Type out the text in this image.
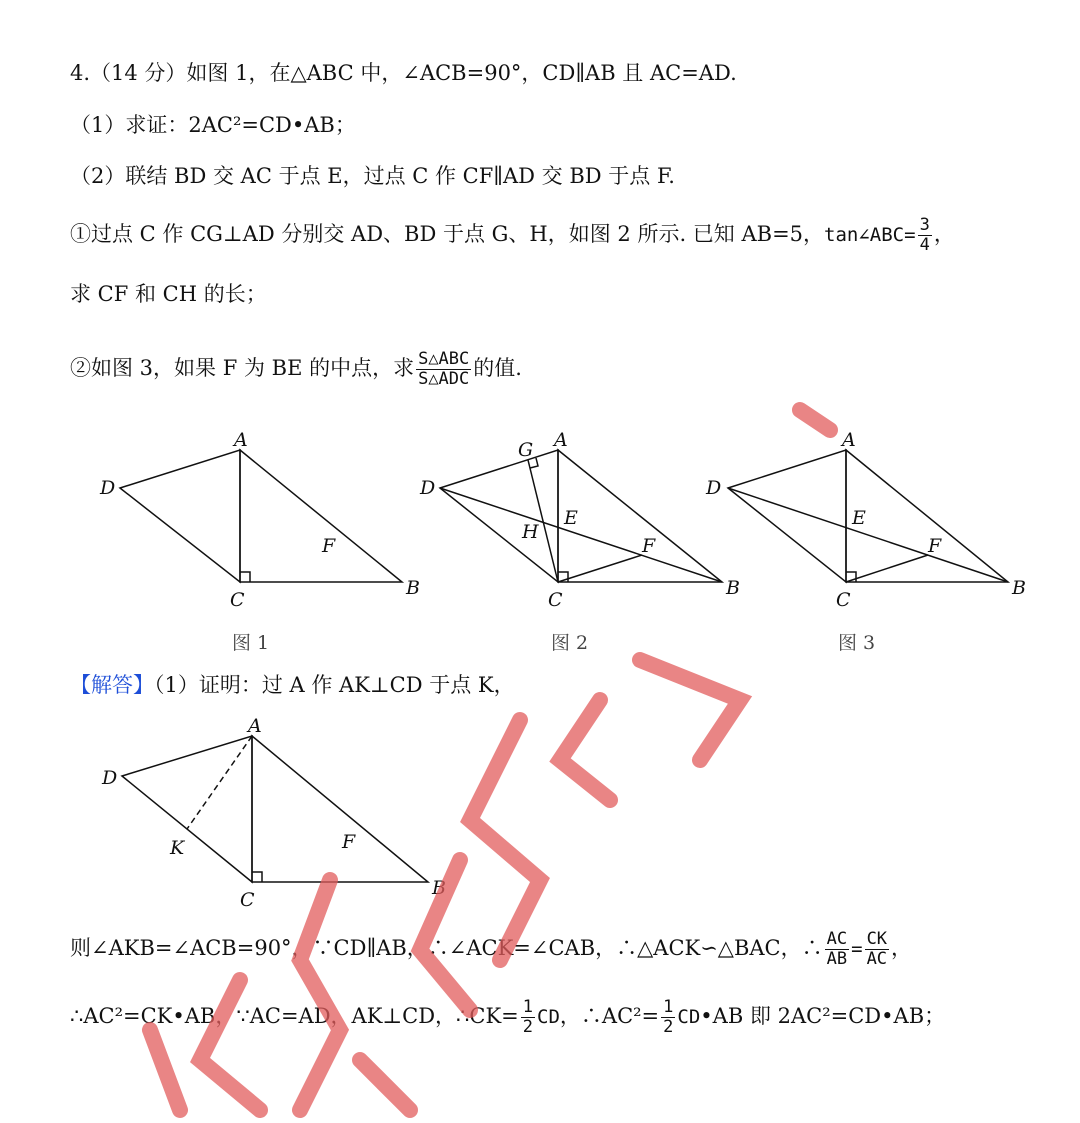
4.（14 分）如图 1，在△ABC 中，∠ACB=90°，CD∥AB 且 AC=AD.
（1）求证：2AC²=CD•AB；
（2）联结 BD 交 AC 于点 E，过点 C 作 CF∥AD 交 BD 于点 F.
①过点 C 作 CG⊥AD 分别交 AD、BD 于点 G、H，如图 2 所示. 已知 AB=5，tan∠ABC= $\frac{3}{4}$ ，
求 CF 和 CH 的长；
②如图 3，如果 F 为 BE 的中点，求 $\frac{\text{S△ABC}}{\text{S△ADC}}$ 的值.
A
D
C
B
F
图 1
A
G
D
E
H
F
C
B
图 2
A
D
E
F
C
B
图 3
【解答】（1）证明：过 A 作 AK⊥CD 于点 K，
A
D
K	F
C
B
则∠AKB=∠ACB=90°，∵CD∥AB，∴∠ACK=∠CAB，∴△ACK∽△BAC，∴ $\frac{AC}{AB} = \frac{CK}{AC}$ ，
∴AC²=CK•AB，∵AC=AD，AK⊥CD，∴CK= $\frac{1}{2}$ CD，∴AC²= $\frac{1}{2}$ CD•AB 即 2AC²=CD•AB；
